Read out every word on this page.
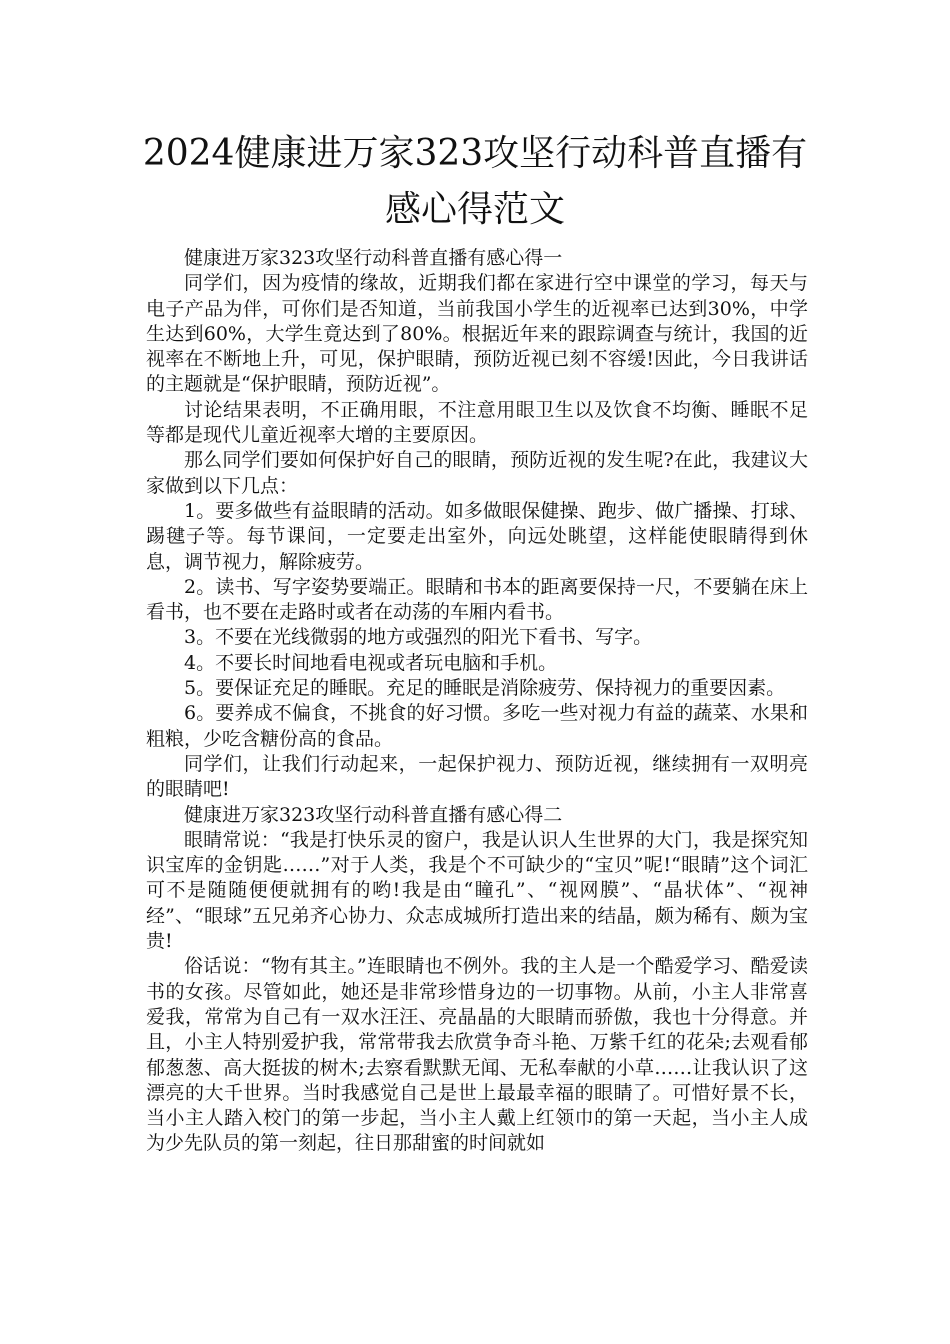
2024健康进万家323攻坚行动科普直播有
感心得范文

健康进万家323攻坚行动科普直播有感心得一

同学们，因为疫情的缘故，近期我们都在家进行空中课堂的学习，每天与电子产品为伴，可你们是否知道，当前我国小学生的近视率已达到30%，中学生达到60%，大学生竟达到了80%。根据近年来的跟踪调查与统计，我国的近视率在不断地上升，可见，保护眼睛，预防近视已刻不容缓!因此，今日我讲话的主题就是“保护眼睛，预防近视”。

讨论结果表明，不正确用眼，不注意用眼卫生以及饮食不均衡、睡眠不足等都是现代儿童近视率大增的主要原因。

那么同学们要如何保护好自己的眼睛，预防近视的发生呢?在此，我建议大家做到以下几点：

1。要多做些有益眼睛的活动。如多做眼保健操、跑步、做广播操、打球、踢毽子等。每节课间，一定要走出室外，向远处眺望，这样能使眼睛得到休息，调节视力，解除疲劳。

2。读书、写字姿势要端正。眼睛和书本的距离要保持一尺，不要躺在床上看书，也不要在走路时或者在动荡的车厢内看书。

3。不要在光线微弱的地方或强烈的阳光下看书、写字。

4。不要长时间地看电视或者玩电脑和手机。

5。要保证充足的睡眠。充足的睡眠是消除疲劳、保持视力的重要因素。

6。要养成不偏食，不挑食的好习惯。多吃一些对视力有益的蔬菜、水果和粗粮，少吃含糖份高的食品。

同学们，让我们行动起来，一起保护视力、预防近视，继续拥有一双明亮的眼睛吧!

健康进万家323攻坚行动科普直播有感心得二

眼睛常说：“我是打快乐灵的窗户，我是认识人生世界的大门，我是探究知识宝库的金钥匙……”对于人类，我是个不可缺少的“宝贝”呢!“眼睛”这个词汇可不是随随便便就拥有的哟!我是由“瞳孔”、“视网膜”、“晶状体”、“视神经”、“眼球”五兄弟齐心协力、众志成城所打造出来的结晶，颇为稀有、颇为宝贵!

俗话说：“物有其主。”连眼睛也不例外。我的主人是一个酷爱学习、酷爱读书的女孩。尽管如此，她还是非常珍惜身边的一切事物。从前，小主人非常喜爱我，常常为自己有一双水汪汪、亮晶晶的大眼睛而骄傲，我也十分得意。并且，小主人特别爱护我，常常带我去欣赏争奇斗艳、万紫千红的花朵;去观看郁郁葱葱、高大挺拔的树木;去察看默默无闻、无私奉献的小草……让我认识了这漂亮的大千世界。当时我感觉自己是世上最最幸福的眼睛了。可惜好景不长，当小主人踏入校门的第一步起，当小主人戴上红领巾的第一天起，当小主人成为少先队员的第一刻起，往日那甜蜜的时间就如
